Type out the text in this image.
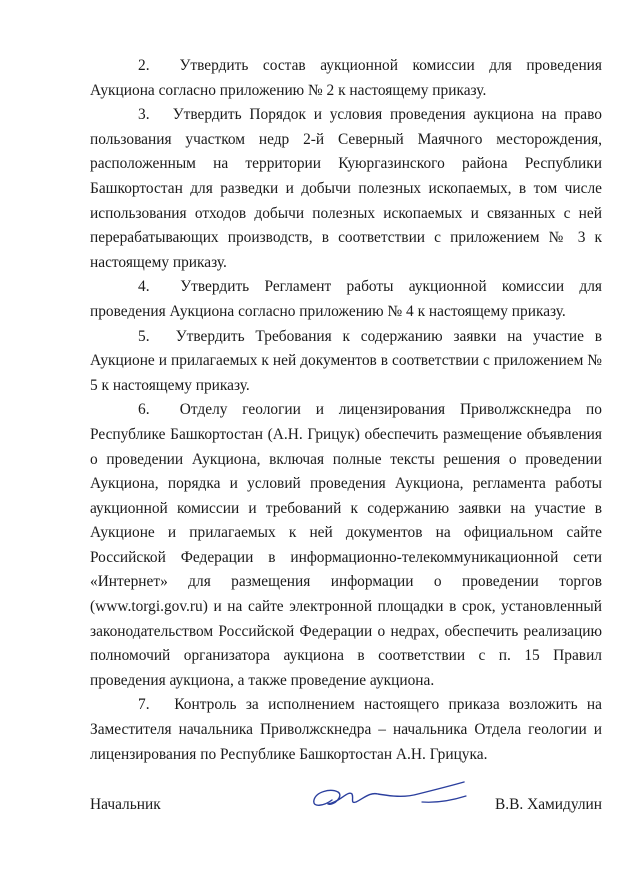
2.  Утвердить состав аукционной комиссии для проведения Аукциона согласно приложению № 2 к настоящему приказу.

3.  Утвердить Порядок и условия проведения аукциона на право пользования участком недр 2-й Северный Маячного месторождения, расположенным на территории Куюргазинского района Республики Башкортостан для разведки и добычи полезных ископаемых, в том числе использования отходов добычи полезных ископаемых и связанных с ней перерабатывающих производств, в соответствии с приложением № 3 к настоящему приказу.

4.  Утвердить Регламент работы аукционной комиссии для проведения Аукциона согласно приложению № 4 к настоящему приказу.

5.  Утвердить Требования к содержанию заявки на участие в Аукционе и прилагаемых к ней документов в соответствии с приложением № 5 к настоящему приказу.

6.  Отделу геологии и лицензирования Приволжскнедра по Республике Башкортостан (А.Н. Грицук) обеспечить размещение объявления о проведении Аукциона, включая полные тексты решения о проведении Аукциона, порядка и условий проведения Аукциона, регламента работы аукционной комиссии и требований к содержанию заявки на участие в Аукционе и прилагаемых к ней документов на официальном сайте Российской Федерации в информационно-телекоммуникационной сети «Интернет» для размещения информации о проведении торгов (www.torgi.gov.ru) и на сайте электронной площадки в срок, установленный законодательством Российской Федерации о недрах, обеспечить реализацию полномочий организатора аукциона в соответствии с п. 15 Правил проведения аукциона, а также проведение аукциона.

7.  Контроль за исполнением настоящего приказа возложить на Заместителя начальника Приволжскнедра – начальника Отдела геологии и лицензирования по Республике Башкортостан А.Н. Грицука.

Начальник	В.В. Хамидулин
